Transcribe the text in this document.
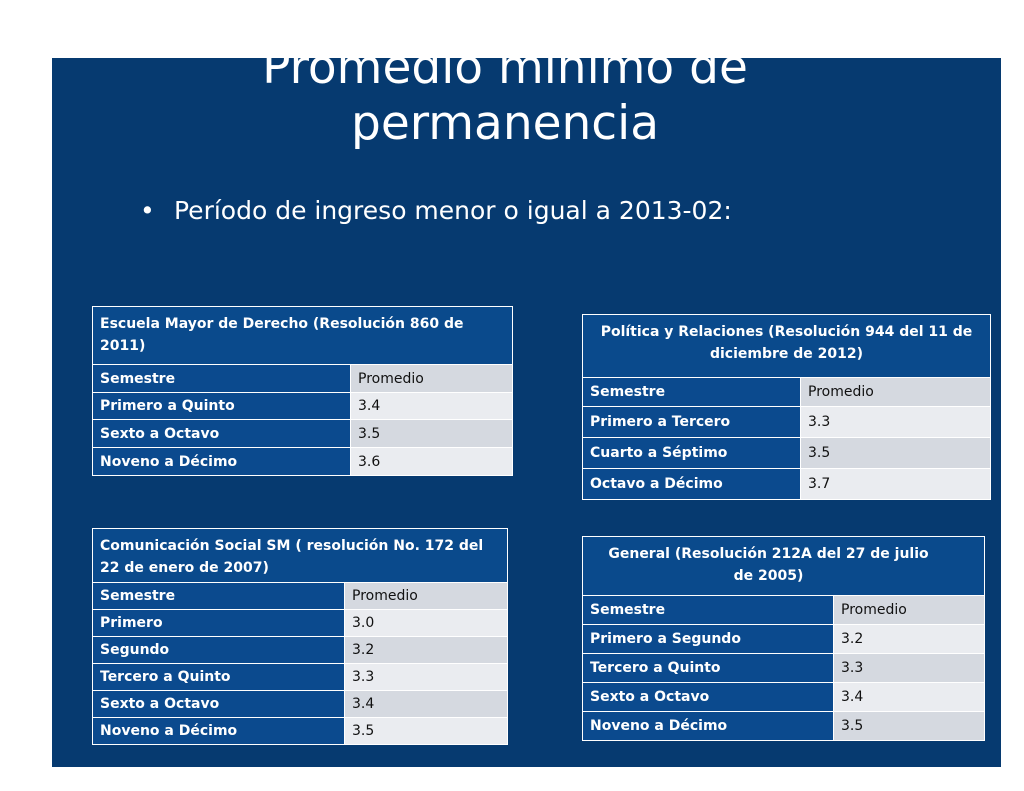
Promedio mínimo de
permanencia
• Período de ingreso menor o igual a 2013-02:
Escuela Mayor de Derecho (Resolución 860 de 2011)	
Semestre	Promedio
Primero a Quinto	3.4
Sexto a Octavo	3.5
Noveno a Décimo	3.6
Política y Relaciones (Resolución 944 del 11 de diciembre de 2012)	
Semestre	Promedio
Primero a Tercero	3.3
Cuarto a Séptimo	3.5
Octavo a Décimo	3.7
Comunicación Social SM ( resolución No. 172 del 22 de enero de 2007)	
Semestre	Promedio
Primero	3.0
Segundo	3.2
Tercero a Quinto	3.3
Sexto a Octavo	3.4
Noveno a Décimo	3.5
General (Resolución 212A del 27 de julio de 2005)	
Semestre	Promedio
Primero a Segundo	3.2
Tercero a Quinto	3.3
Sexto a Octavo	3.4
Noveno a Décimo	3.5
